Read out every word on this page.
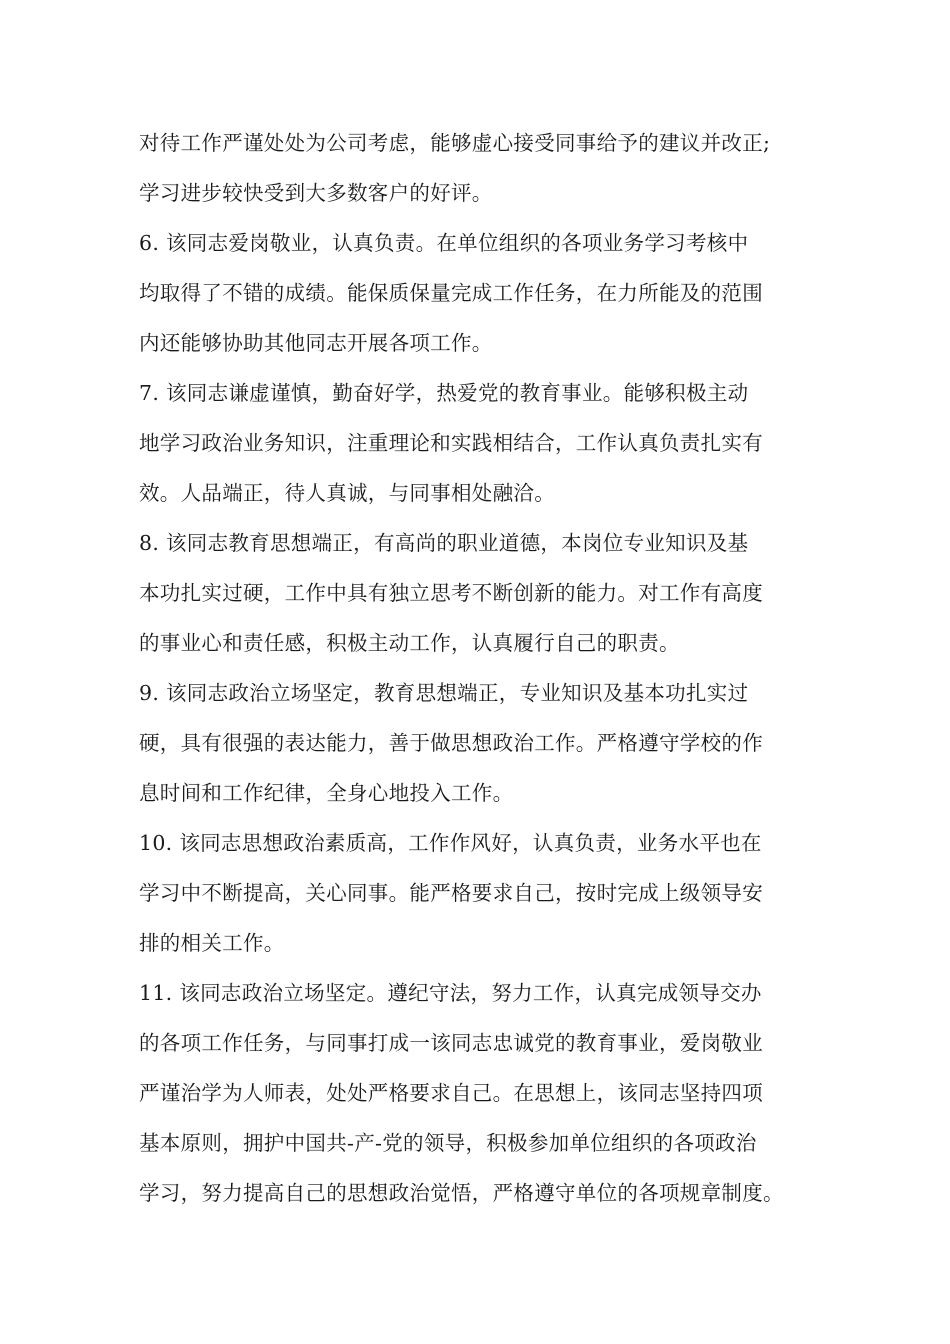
对待工作严谨处处为公司考虑，能够虚心接受同事给予的建议并改正;
学习进步较快受到大多数客户的好评。
6. 该同志爱岗敬业，认真负责。在单位组织的各项业务学习考核中
均取得了不错的成绩。能保质保量完成工作任务，在力所能及的范围
内还能够协助其他同志开展各项工作。
7. 该同志谦虚谨慎，勤奋好学，热爱党的教育事业。能够积极主动
地学习政治业务知识，注重理论和实践相结合，工作认真负责扎实有
效。人品端正，待人真诚，与同事相处融洽。
8. 该同志教育思想端正，有高尚的职业道德，本岗位专业知识及基
本功扎实过硬，工作中具有独立思考不断创新的能力。对工作有高度
的事业心和责任感，积极主动工作，认真履行自己的职责。
9. 该同志政治立场坚定，教育思想端正，专业知识及基本功扎实过
硬，具有很强的表达能力，善于做思想政治工作。严格遵守学校的作
息时间和工作纪律，全身心地投入工作。
10. 该同志思想政治素质高，工作作风好，认真负责，业务水平也在
学习中不断提高，关心同事。能严格要求自己，按时完成上级领导安
排的相关工作。
11. 该同志政治立场坚定。遵纪守法，努力工作，认真完成领导交办
的各项工作任务，与同事打成一该同志忠诚党的教育事业，爱岗敬业
严谨治学为人师表，处处严格要求自己。在思想上，该同志坚持四项
基本原则，拥护中国共-产-党的领导，积极参加单位组织的各项政治
学习，努力提高自己的思想政治觉悟，严格遵守单位的各项规章制度。
